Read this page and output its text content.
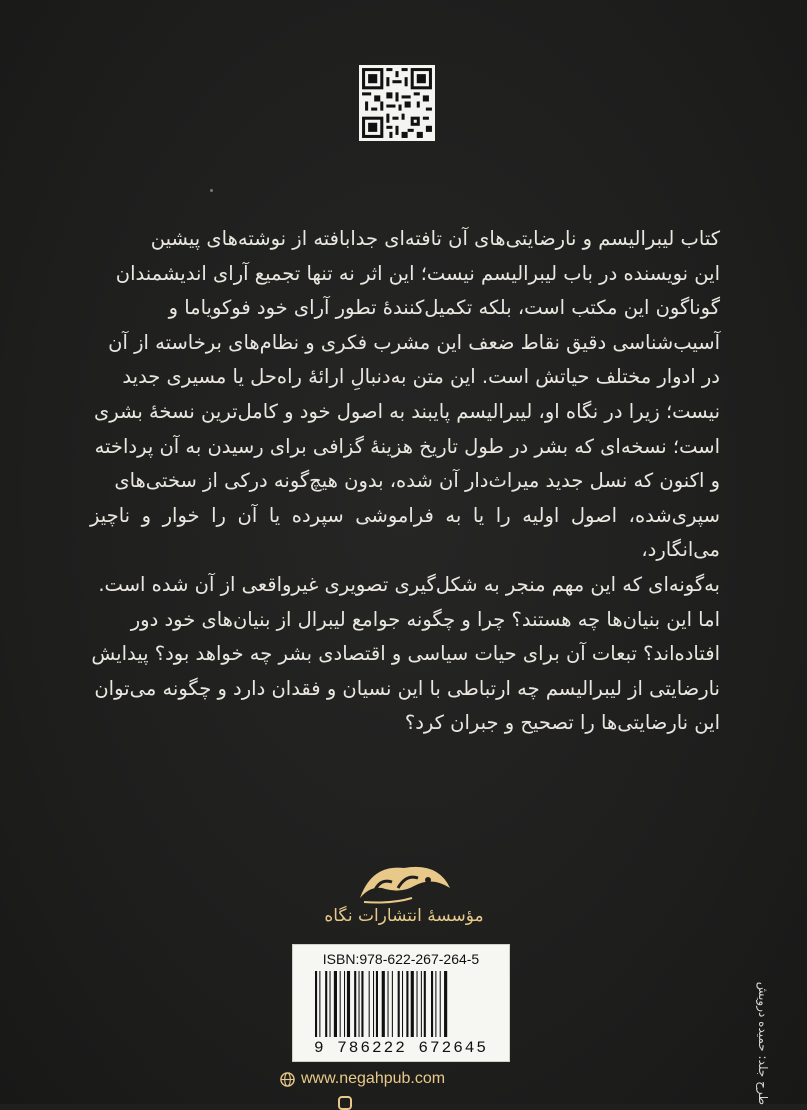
کتاب لیبرالیسم و نارضایتی‌های آن تافته‌ای جدابافته از نوشته‌های پیشین

این نویسنده در باب لیبرالیسم نیست؛ این اثر نه تنها تجمیع آرای اندیشمندان

گوناگون این مکتب است، بلکه تکمیل‌کنندهٔ تطور آرای خود فوکویاما و

آسیب‌شناسی دقیق نقاط ضعف این مشرب فکری و نظام‌های برخاسته از آن

در ادوار مختلف حیاتش است. این متن به‌دنبالِ ارائهٔ راه‌حل یا مسیری جدید

نیست؛ زیرا در نگاه او، لیبرالیسم پایبند به اصول خود و کامل‌ترین نسخهٔ بشری

است؛ نسخه‌ای که بشر در طول تاریخ هزینهٔ گزافی برای رسیدن به آن پرداخته

و اکنون که نسل جدید میراث‌دار آن شده، بدون هیچ‌گونه درکی از سختی‌های

سپری‌شده، اصول اولیه را یا به فراموشی سپرده یا آن را خوار و ناچیز می‌انگارد،

به‌گونه‌ای که این مهم منجر به شکل‌گیری تصویری غیرواقعی از آن شده است.

اما این بنیان‌ها چه هستند؟ چرا و چگونه جوامع لیبرال از بنیان‌های خود دور

افتاده‌اند؟ تبعات آن برای حیات سیاسی و اقتصادی بشر چه خواهد بود؟ پیدایش

نارضایتی از لیبرالیسم چه ارتباطی با این نسیان و فقدان دارد و چگونه می‌توان

این نارضایتی‌ها را تصحیح و جبران کرد؟

مؤسسهٔ انتشارات نگاه
ISBN:978-622-267-264-5
9 786222 672645
www.negahpub.com	طرح جلد: حمیده درویش
